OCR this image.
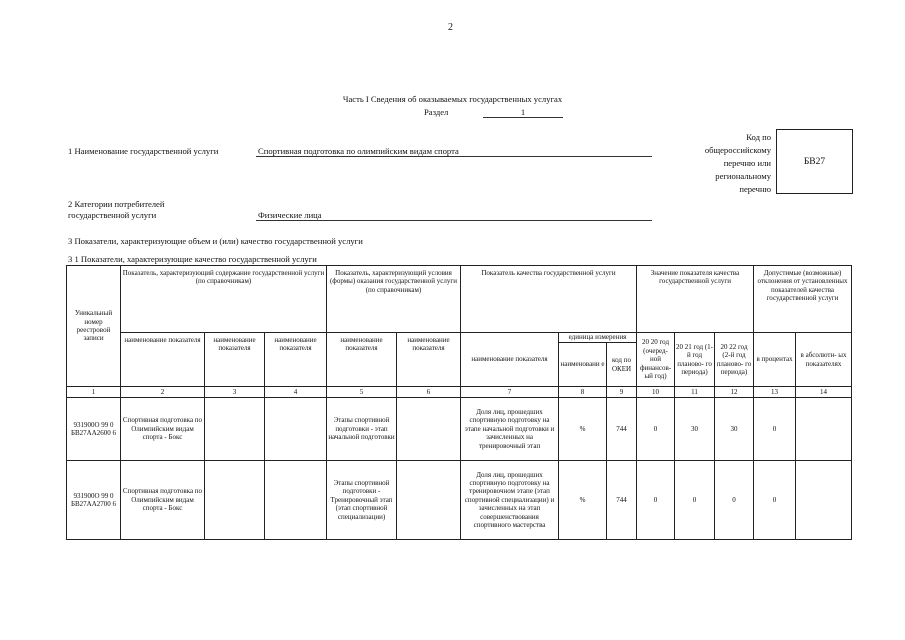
2
Часть I Сведения об оказываемых государственных услугах
Раздел	1
1 Наименование государственной услуги	Спортивная подготовка по олимпийским видам спорта
Код по
общероссийскому
перечню или
региональному
перечню
БВ27
2 Категории потребителей
государственной услуги	Физические лица
3 Показатели, характеризующие объем и (или) качество государственной услуги
3 1 Показатели, характеризующие качество государственной услуги
Уникальный номер реестровой записи	Показатель, характеризующий содержание государственной услуги (по справочникам)			Показатель, характеризующий условия (формы) оказания государственной услуги (по справочникам)		Показатель качества государственной услуги			Значение показателя качества государственной услуги			Допустимые (возможные) отклонения от установленных показателей качества государственной услуги	
	наименование показателя	наименование показателя	наименование показателя	наименование показателя	наименование показателя	наименование показателя	единица измерения		20 20 год (очеред- ной финансов- ый год)	20 21 год (1-й год планово- го периода)	20 22 год (2-й год планово- го периода)	в процентах	в абсолютн- ых показателях
							наименовани е	код по ОКЕИ					
1	2	3	4	5	6	7	8	9	10	11	12	13	14
931900О 99 0 БВ27АА2600 6	Спортивная подготовка по Олимпийским видам спорта - Бокс			Этапы спортивной подготовки - этап начальной подготовки		Доля лиц, прошедших спортивную подготовку на этапе начальной подготовки и зачисленных на тренировочный этап	%	744	0	30	30	0	
931900О 99 0 БВ27АА2700 6	Спортивная подготовка по Олимпийским видам спорта - Бокс			Этапы спортивной подготовки - Тренировочный этап (этап спортивной специализации)		Доля лиц, прошедших спортивную подготовку на тренировочном этапе (этап спортивной специализации) и зачисленных на этап совершенствования спортивного мастерства	%	744	0	0	0	0	
